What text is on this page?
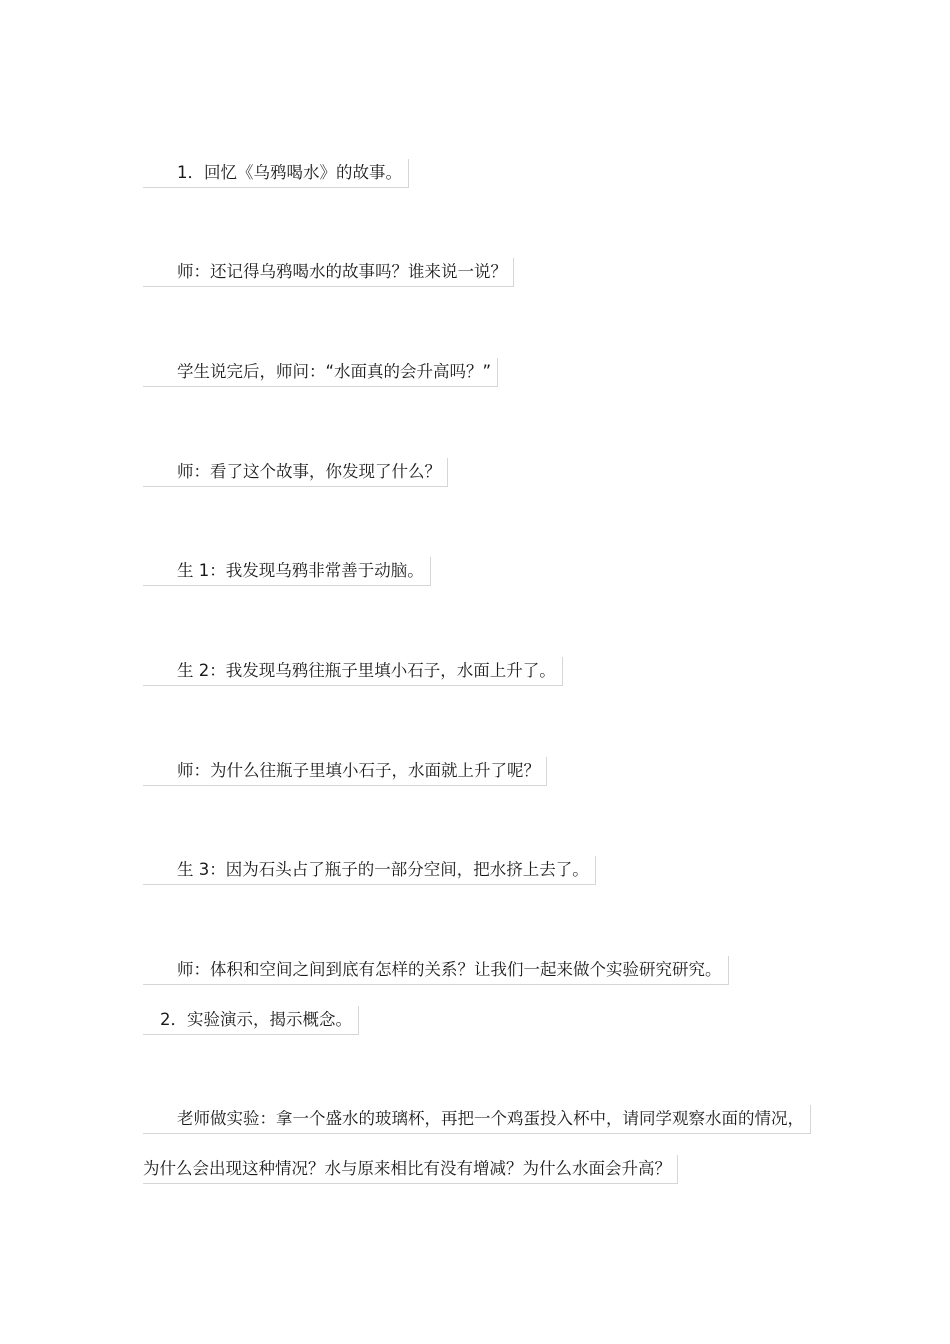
1．回忆《乌鸦喝水》的故事。
师：还记得乌鸦喝水的故事吗？谁来说一说？
学生说完后，师问：“水面真的会升高吗？”
师：看了这个故事，你发现了什么？
生 1：我发现乌鸦非常善于动脑。
生 2：我发现乌鸦往瓶子里填小石子，水面上升了。
师：为什么往瓶子里填小石子，水面就上升了呢？
生 3：因为石头占了瓶子的一部分空间，把水挤上去了。
师：体积和空间之间到底有怎样的关系？让我们一起来做个实验研究研究。
2．实验演示，揭示概念。
老师做实验：拿一个盛水的玻璃杯，再把一个鸡蛋投入杯中，请同学观察水面的情况，
为什么会出现这种情况？水与原来相比有没有增减？为什么水面会升高？
